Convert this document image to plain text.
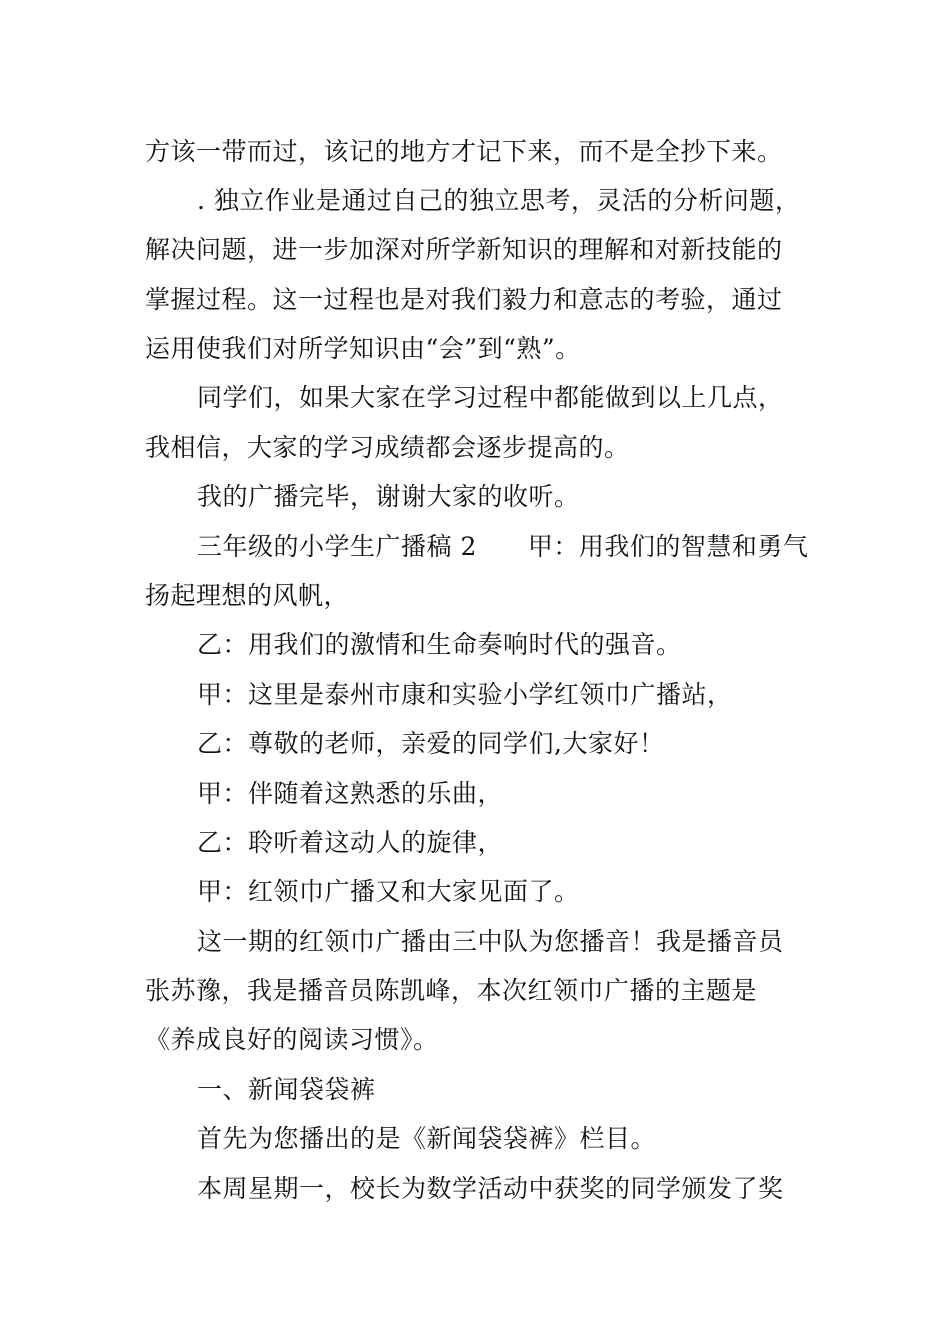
方该一带而过，该记的地方才记下来，而不是全抄下来。
. 独立作业是通过自己的独立思考，灵活的分析问题，
解决问题，进一步加深对所学新知识的理解和对新技能的
掌握过程。这一过程也是对我们毅力和意志的考验，通过
运用使我们对所学知识由“会”到“熟”。
同学们，如果大家在学习过程中都能做到以上几点，
我相信，大家的学习成绩都会逐步提高的。
我的广播完毕，谢谢大家的收听。
三年级的小学生广播稿 2　　甲：用我们的智慧和勇气
扬起理想的风帆，
乙：用我们的激情和生命奏响时代的强音。
甲：这里是泰州市康和实验小学红领巾广播站，
乙：尊敬的老师，亲爱的同学们,大家好！
甲：伴随着这熟悉的乐曲，
乙：聆听着这动人的旋律，
甲：红领巾广播又和大家见面了。
这一期的红领巾广播由三中队为您播音！我是播音员
张苏豫，我是播音员陈凯峰，本次红领巾广播的主题是
《养成良好的阅读习惯》。
一、新闻袋袋裤
首先为您播出的是《新闻袋袋裤》栏目。
本周星期一，校长为数学活动中获奖的同学颁发了奖
